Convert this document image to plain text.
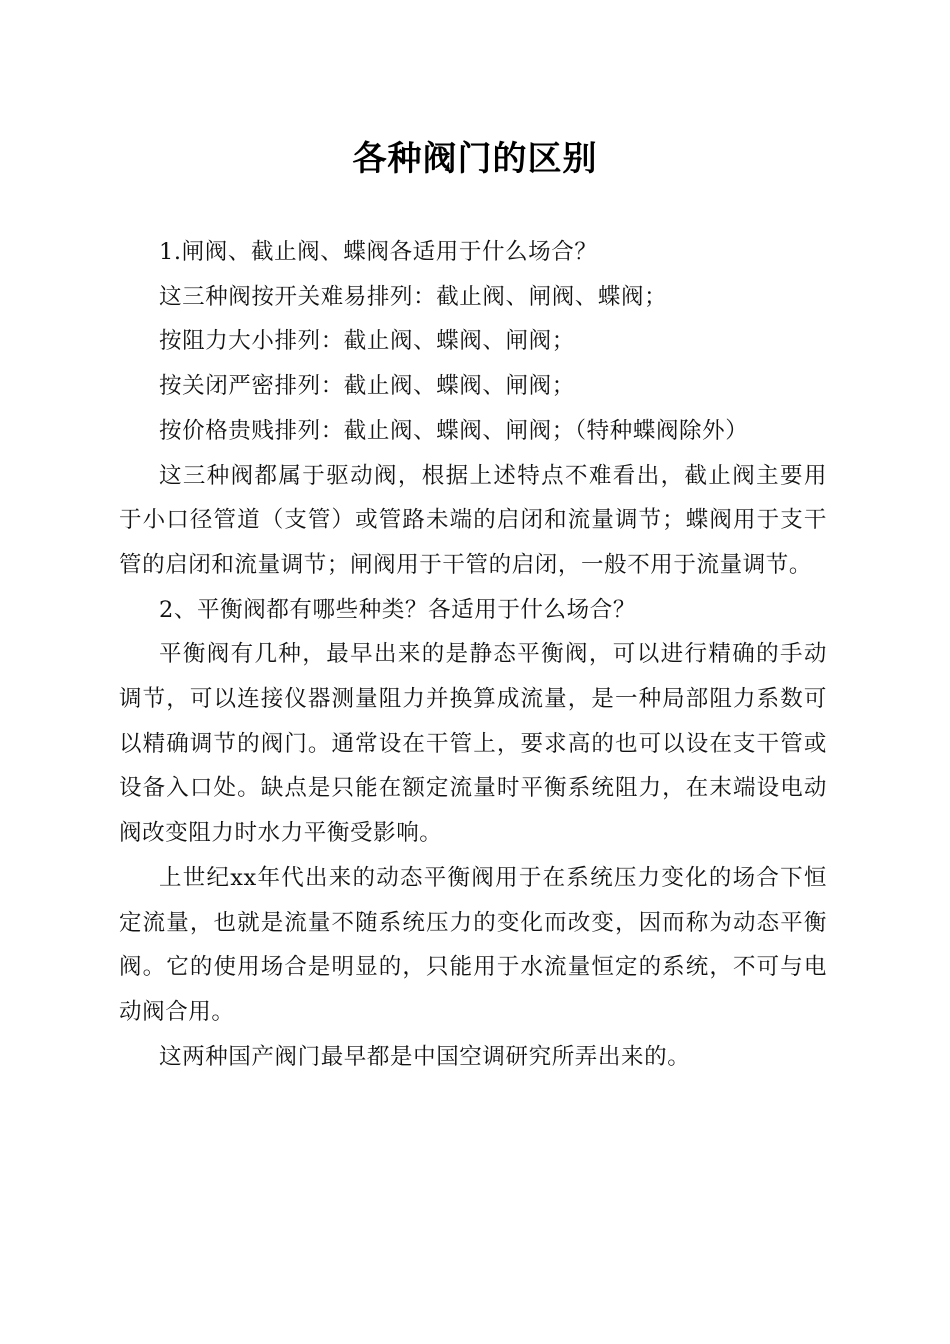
各种阀门的区别

1.闸阀、截止阀、蝶阀各适用于什么场合？

这三种阀按开关难易排列：截止阀、闸阀、蝶阀；

按阻力大小排列：截止阀、蝶阀、闸阀；

按关闭严密排列：截止阀、蝶阀、闸阀；

按价格贵贱排列：截止阀、蝶阀、闸阀；（特种蝶阀除外）

这三种阀都属于驱动阀，根据上述特点不难看出，截止阀主要用于小口径管道（支管）或管路未端的启闭和流量调节；蝶阀用于支干管的启闭和流量调节；闸阀用于干管的启闭，一般不用于流量调节。

2、平衡阀都有哪些种类？各适用于什么场合？

平衡阀有几种，最早出来的是静态平衡阀，可以进行精确的手动调节，可以连接仪器测量阻力并换算成流量，是一种局部阻力系数可以精确调节的阀门。通常设在干管上，要求高的也可以设在支干管或设备入口处。缺点是只能在额定流量时平衡系统阻力，在末端设电动阀改变阻力时水力平衡受影响。

上世纪xx年代出来的动态平衡阀用于在系统压力变化的场合下恒定流量，也就是流量不随系统压力的变化而改变，因而称为动态平衡阀。它的使用场合是明显的，只能用于水流量恒定的系统，不可与电动阀合用。

这两种国产阀门最早都是中国空调研究所弄出来的。
